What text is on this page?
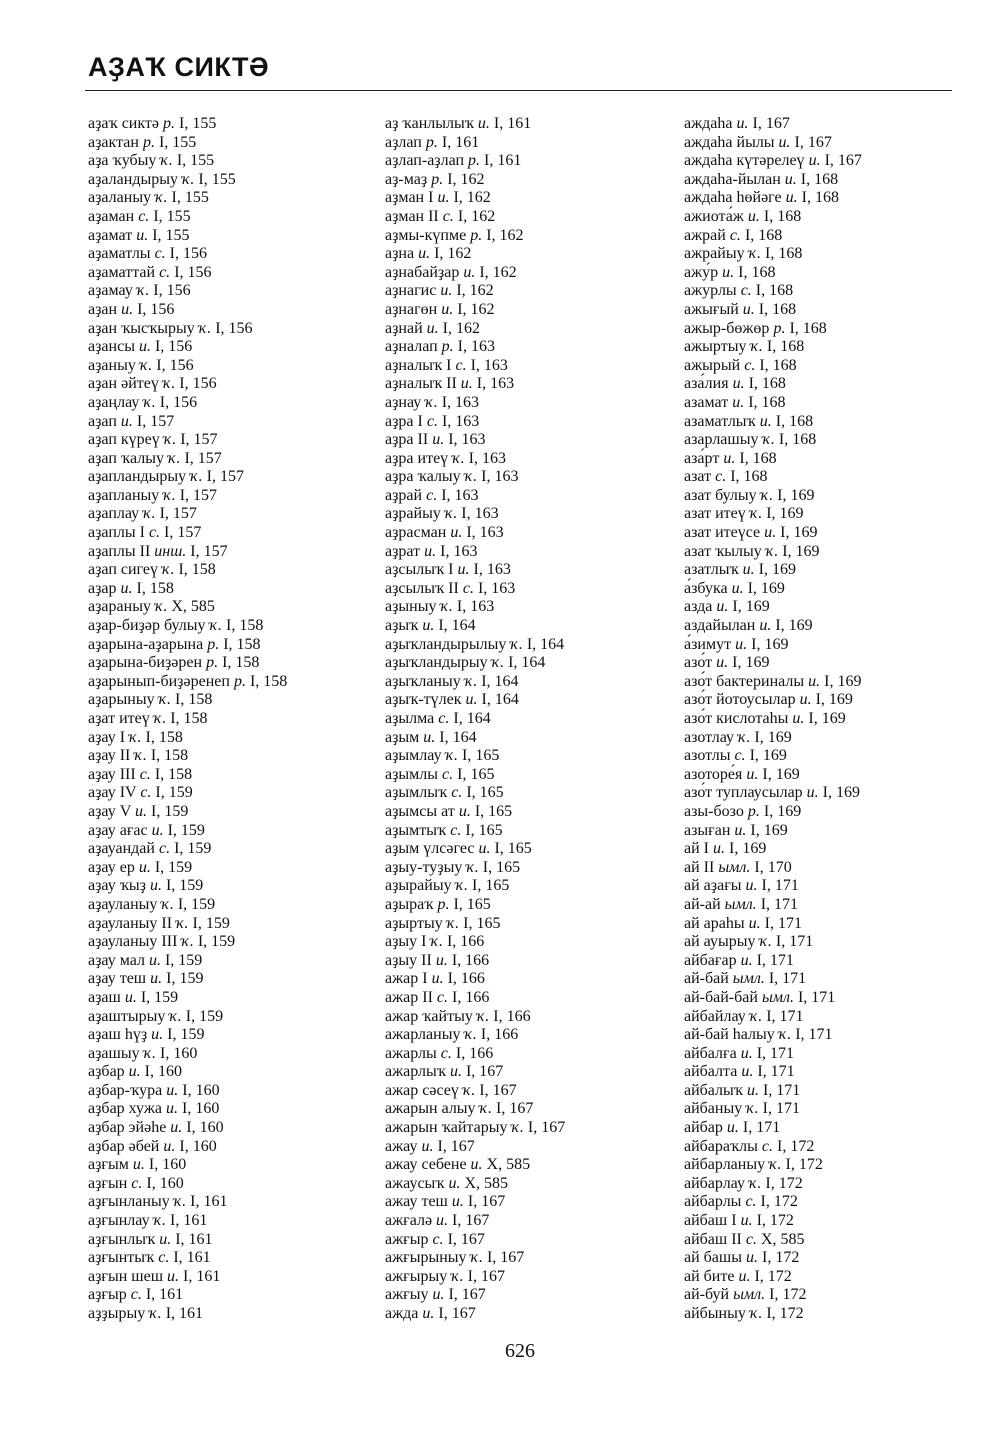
АҘАҠ СИКТӘ
аҙаҡ сиктә р. I, 155
аҙактан р. I, 155
аҙа ҡубыу ҡ. I, 155
аҙаландырыу ҡ. I, 155
аҙаланыу ҡ. I, 155
аҙаман с. I, 155
аҙамат и. I, 155
аҙаматлы с. I, 156
аҙаматтай с. I, 156
аҙамау ҡ. I, 156
аҙан и. I, 156
аҙан ҡысҡырыу ҡ. I, 156
аҙансы и. I, 156
аҙаныу ҡ. I, 156
аҙан әйтеү ҡ. I, 156
аҙаңлау ҡ. I, 156
аҙап и. I, 157
аҙап күреү ҡ. I, 157
аҙап ҡалыу ҡ. I, 157
аҙапландырыу ҡ. I, 157
аҙапланыу ҡ. I, 157
аҙаплау ҡ. I, 157
аҙаплы I с. I, 157
аҙаплы II инш. I, 157
аҙап сигеү ҡ. I, 158
аҙар и. I, 158
аҙараныу ҡ. X, 585
аҙар-биҙәр булыу ҡ. I, 158
аҙарына-аҙарына р. I, 158
аҙарына-биҙәрен р. I, 158
аҙарынып-биҙәренеп р. I, 158
аҙарыныу ҡ. I, 158
аҙат итеү ҡ. I, 158
аҙау I ҡ. I, 158
аҙау II ҡ. I, 158
аҙау III с. I, 158
аҙау IV с. I, 159
аҙау V и. I, 159
аҙау ағас и. I, 159
аҙауандай с. I, 159
аҙау ер и. I, 159
аҙау ҡыҙ и. I, 159
аҙауланыу ҡ. I, 159
аҙауланыу II ҡ. I, 159
аҙауланыу III ҡ. I, 159
аҙау мал и. I, 159
аҙау теш и. I, 159
аҙаш и. I, 159
аҙаштырыу ҡ. I, 159
аҙаш һүҙ и. I, 159
аҙашыу ҡ. I, 160
аҙбар и. I, 160
аҙбар-ҡура и. I, 160
аҙбар хужа и. I, 160
аҙбар эйәһе и. I, 160
аҙбар әбей и. I, 160
аҙғым и. I, 160
аҙғын с. I, 160
аҙғынланыу ҡ. I, 161
аҙғынлау ҡ. I, 161
аҙғынлыҡ и. I, 161
аҙғынтыҡ с. I, 161
аҙғын шеш и. I, 161
аҙғыр с. I, 161
аҙҙырыу ҡ. I, 161
аҙ ҡанлылыҡ и. I, 161
аҙлап р. I, 161
аҙлап-аҙлап р. I, 161
аҙ-маҙ р. I, 162
аҙман I и. I, 162
аҙман II с. I, 162
аҙмы-күпме р. I, 162
аҙна и. I, 162
аҙнабайҙар и. I, 162
аҙнагис и. I, 162
аҙнагөн и. I, 162
аҙнай и. I, 162
аҙналап р. I, 163
аҙналыҡ I с. I, 163
аҙналыҡ II и. I, 163
аҙнау ҡ. I, 163
аҙра I с. I, 163
аҙра II и. I, 163
аҙра итеү ҡ. I, 163
аҙра ҡалыу ҡ. I, 163
аҙрай с. I, 163
аҙрайыу ҡ. I, 163
аҙрасман и. I, 163
аҙрат и. I, 163
аҙсылыҡ I и. I, 163
аҙсылыҡ II с. I, 163
аҙыныу ҡ. I, 163
аҙыҡ и. I, 164
аҙыҡландырылыу ҡ. I, 164
аҙыҡландырыу ҡ. I, 164
аҙыҡланыу ҡ. I, 164
аҙыҡ-түлек и. I, 164
аҙылма с. I, 164
аҙым и. I, 164
аҙымлау ҡ. I, 165
аҙымлы с. I, 165
аҙымлыҡ с. I, 165
аҙымсы ат и. I, 165
аҙымтыҡ с. I, 165
аҙым үлсәгес и. I, 165
аҙыу-туҙыу ҡ. I, 165
аҙырайыу ҡ. I, 165
аҙыраҡ р. I, 165
аҙыртыу ҡ. I, 165
аҙыу I ҡ. I, 166
аҙыу II и. I, 166
ажар I и. I, 166
ажар II с. I, 166
ажар ҡайтыу ҡ. I, 166
ажарланыу ҡ. I, 166
ажарлы с. I, 166
ажарлыҡ и. I, 167
ажар сәсеү ҡ. I, 167
ажарын алыу ҡ. I, 167
ажарын ҡайтарыу ҡ. I, 167
ажау и. I, 167
ажау себене и. X, 585
ажаусыҡ и. X, 585
ажау теш и. I, 167
ажғалә и. I, 167
ажғыр с. I, 167
ажғырыныу ҡ. I, 167
ажғырыу ҡ. I, 167
ажғыу и. I, 167
ажда и. I, 167
аждаһа и. I, 167
аждаһа йылы и. I, 167
аждаһа күтәрелеү и. I, 167
аждаһа-йылан и. I, 168
аждаһа һөйәге и. I, 168
ажиота́ж и. I, 168
ажрай с. I, 168
ажрайыу ҡ. I, 168
ажу́р и. I, 168
ажурлы с. I, 168
ажығый и. I, 168
ажыр-бөжөр р. I, 168
ажыртыу ҡ. I, 168
ажырый с. I, 168
аза́лия и. I, 168
азамат и. I, 168
азаматлыҡ и. I, 168
азарлашыу ҡ. I, 168
аза́рт и. I, 168
азат с. I, 168
азат булыу ҡ. I, 169
азат итеү ҡ. I, 169
азат итеүсе и. I, 169
азат ҡылыу ҡ. I, 169
азатлыҡ и. I, 169
а́збука и. I, 169
азда и. I, 169
аздайылан и. I, 169
а́зимут и. I, 169
азо́т и. I, 169
азо́т бактериналы и. I, 169
азо́т йотоусылар и. I, 169
азо́т кислотаһы и. I, 169
азотлау ҡ. I, 169
азотлы с. I, 169
азоторе́я и. I, 169
азо́т туплаусылар и. I, 169
азы-бозо р. I, 169
азыған и. I, 169
ай I и. I, 169
ай II ымл. I, 170
ай аҙағы и. I, 171
ай-ай ымл. I, 171
ай араһы и. I, 171
ай ауырыу ҡ. I, 171
айбағар и. I, 171
ай-бай ымл. I, 171
ай-бай-бай ымл. I, 171
айбайлау ҡ. I, 171
ай-бай һалыу ҡ. I, 171
айбалға и. I, 171
айбалта и. I, 171
айбалыҡ и. I, 171
айбаныу ҡ. I, 171
айбар и. I, 171
айбараҡлы с. I, 172
айбарланыу ҡ. I, 172
айбарлау ҡ. I, 172
айбарлы с. I, 172
айбаш I и. I, 172
айбаш II с. X, 585
ай башы и. I, 172
ай бите и. I, 172
ай-буй ымл. I, 172
айбыныу ҡ. I, 172
626
